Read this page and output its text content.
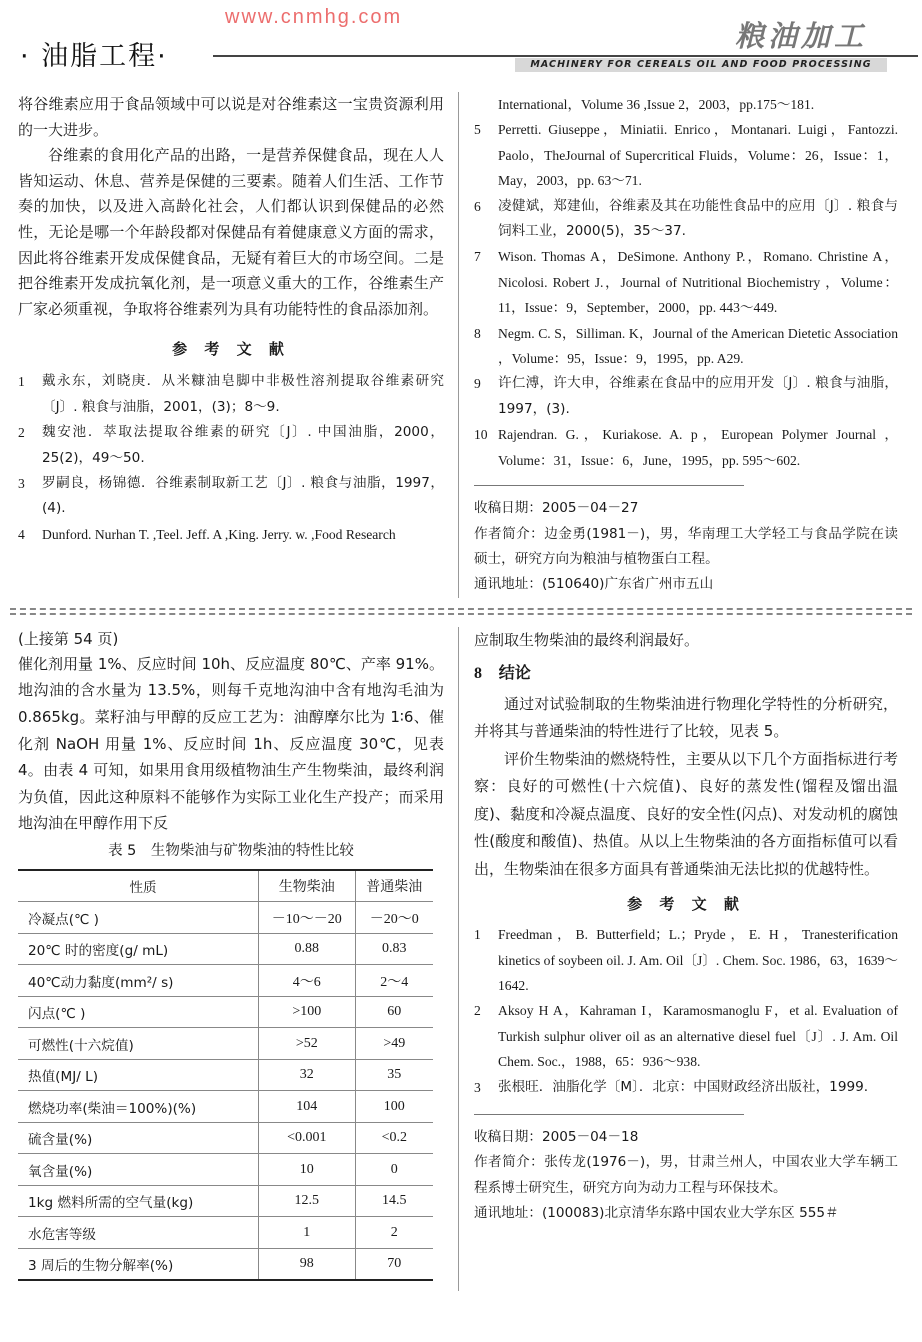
· 油脂工程·
www.cnmhg.com
粮油加工
MACHINERY FOR CEREALS OIL AND FOOD PROCESSING

将谷维素应用于食品领域中可以说是对谷维素这一宝贵资源利用的一大进步。

谷维素的食用化产品的出路，一是营养保健食品，现在人人皆知运动、休息、营养是保健的三要素。随着人们生活、工作节奏的加快，以及进入高龄化社会，人们都认识到保健品的必然性，无论是哪一个年龄段都对保健品有着健康意义方面的需求，因此将谷维素开发成保健食品，无疑有着巨大的市场空间。二是把谷维素开发成抗氧化剂，是一项意义重大的工作，谷维素生产厂家必须重视，争取将谷维素列为具有功能特性的食品添加剂。

参 考 文 献
1	戴永东，刘晓庚．从米糠油皂脚中非极性溶剂提取谷维素研究〔J〕. 粮食与油脂，2001，(3)；8～9.
2	魏安池．萃取法提取谷维素的研究〔J〕. 中国油脂，2000，25(2)，49～50.
3	罗嗣良，杨锦德．谷维素制取新工艺〔J〕. 粮食与油脂，1997，(4).
4	Dunford. Nurhan T. ,Teel. Jeff. A ,King. Jerry. w. ,Food Research
International，Volume 36 ,Issue 2，2003，pp.175～181.
5	Perretti. Giuseppe，Miniatii. Enrico，Montanari. Luigi，Fantozzi. Paolo，TheJournal of Supercritical Fluids，Volume：26，Issue：1，May，2003，pp. 63～71.
6	凌健斌，郑建仙，谷维素及其在功能性食品中的应用〔J〕. 粮食与饲料工业，2000(5)，35～37.
7	Wison. Thomas A，DeSimone. Anthony P.，Romano. Christine A，Nicolosi. Robert J.，Journal of Nutritional Biochemistry ，Volume：11，Issue：9，September，2000，pp. 443～449.
8	Negm. C. S，Silliman. K，Journal of the American Dietetic Association ，Volume：95，Issue：9，1995，pp. A29.
9	许仁溥，许大申，谷维素在食品中的应用开发〔J〕. 粮食与油脂，1997，(3).
10 Rajendran. G.，Kuriakose. A. p，European Polymer Journal ，Volume：31，Issue：6，June，1995，pp. 595～602.
收稿日期：2005－04－27
作者简介：边金勇(1981－)，男，华南理工大学轻工与食品学院在读硕士，研究方向为粮油与植物蛋白工程。
通讯地址：(510640)广东省广州市五山
(上接第 54 页)

催化剂用量 1%、反应时间 10h、反应温度 80℃、产率 91%。地沟油的含水量为 13.5%，则每千克地沟油中含有地沟毛油为 0.865kg。菜籽油与甲醇的反应工艺为：油醇摩尔比为 1∶6、催化剂 NaOH 用量 1%、反应时间 1h、反应温度 30℃，见表 4。由表 4 可知，如果用食用级植物油生产生物柴油，最终利润为负值，因此这种原料不能够作为实际工业化生产投产；而采用地沟油在甲醇作用下反

表 5　生物柴油与矿物柴油的特性比较
性质	生物柴油	普通柴油
冷凝点(℃ )	－10～－20	－20～0
20℃ 时的密度(g/ mL)	0.88	0.83
40℃动力黏度(mm²/ s)	4～6	2～4
闪点(℃ )	>100	60
可燃性(十六烷值)	>52	>49
热值(MJ/ L)	32	35
燃烧功率(柴油＝100%)(%)	104	100
硫含量(%)	<0.001	<0.2
氧含量(%)	10	0
1kg 燃料所需的空气量(kg)	12.5	14.5
水危害等级	1	2
3 周后的生物分解率(%)	98	70

应制取生物柴油的最终利润最好。

8 结论

通过对试验制取的生物柴油进行物理化学特性的分析研究，并将其与普通柴油的特性进行了比较，见表 5。

评价生物柴油的燃烧特性，主要从以下几个方面指标进行考察：良好的可燃性(十六烷值)、良好的蒸发性(馏程及馏出温度)、黏度和冷凝点温度、良好的安全性(闪点)、对发动机的腐蚀性(酸度和酸值)、热值。从以上生物柴油的各方面指标值可以看出，生物柴油在很多方面具有普通柴油无法比拟的优越特性。

参 考 文 献
1	Freedman，B. Butterfield；L.；Pryde，E. H，Tranesterification kinetics of soybeen oil. J. Am. Oil〔J〕. Chem. Soc. 1986，63，1639～1642.
2	Aksoy H A，Kahraman I，Karamosmanoglu F，et al. Evaluation of Turkish sulphur oliver oil as an alternative diesel fuel〔J〕. J. Am. Oil Chem. Soc.，1988，65：936～938.
3	张根旺．油脂化学〔M〕．北京：中国财政经济出版社，1999.
收稿日期：2005－04－18
作者简介：张传龙(1976－)，男，甘肃兰州人，中国农业大学车辆工程系博士研究生，研究方向为动力工程与环保技术。
通讯地址：(100083)北京清华东路中国农业大学东区 555＃
